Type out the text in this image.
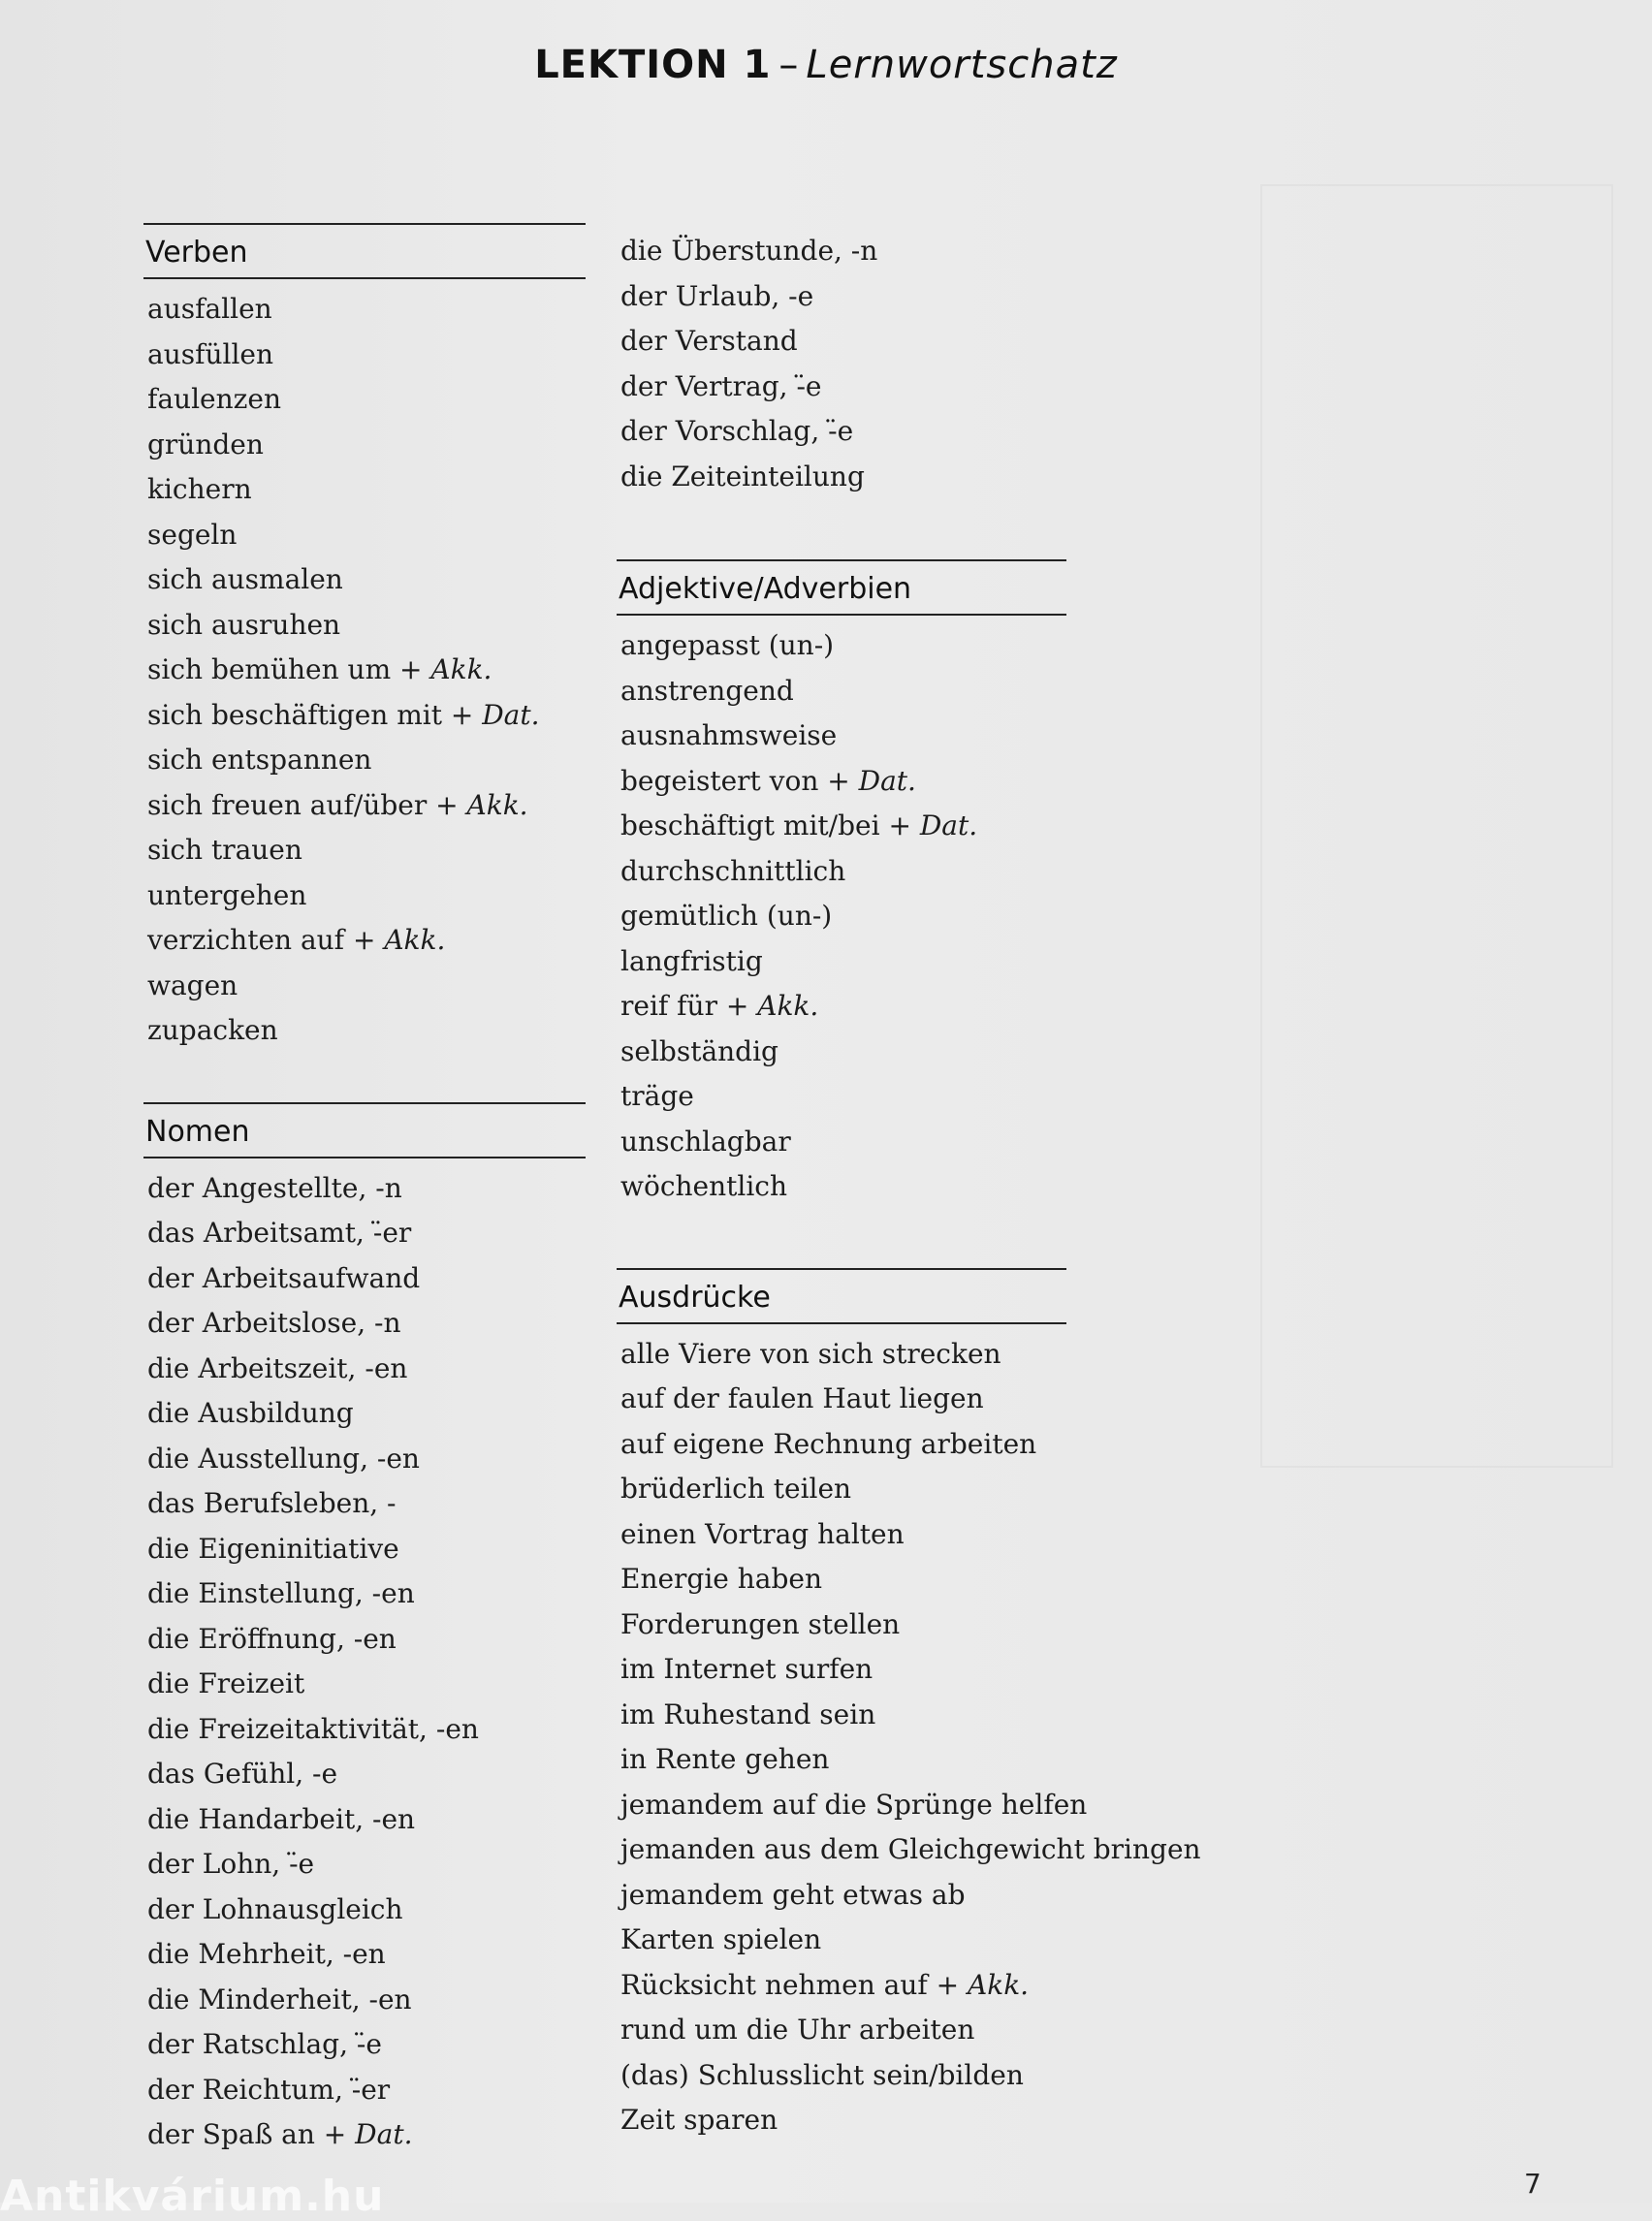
LEKTION 1 – Lernwortschatz
Verben
ausfallen
ausfüllen
faulenzen
gründen
kichern
segeln
sich ausmalen
sich ausruhen
sich bemühen um + Akk.
sich beschäftigen mit + Dat.
sich entspannen
sich freuen auf/über + Akk.
sich trauen
untergehen
verzichten auf + Akk.
wagen
zupacken
Nomen
der Angestellte, -n
das Arbeitsamt, -̈er
der Arbeitsaufwand
der Arbeitslose, -n
die Arbeitszeit, -en
die Ausbildung
die Ausstellung, -en
das Berufsleben, -
die Eigeninitiative
die Einstellung, -en
die Eröffnung, -en
die Freizeit
die Freizeitaktivität, -en
das Gefühl, -e
die Handarbeit, -en
der Lohn, -̈e
der Lohnausgleich
die Mehrheit, -en
die Minderheit, -en
der Ratschlag, -̈e
der Reichtum, -̈er
der Spaß an + Dat.
die Überstunde, -n
der Urlaub, -e
der Verstand
der Vertrag, -̈e
der Vorschlag, -̈e
die Zeiteinteilung
Adjektive/Adverbien
angepasst (un-)
anstrengend
ausnahmsweise
begeistert von + Dat.
beschäftigt mit/bei + Dat.
durchschnittlich
gemütlich (un-)
langfristig
reif für + Akk.
selbständig
träge
unschlagbar
wöchentlich
Ausdrücke
alle Viere von sich strecken
auf der faulen Haut liegen
auf eigene Rechnung arbeiten
brüderlich teilen
einen Vortrag halten
Energie haben
Forderungen stellen
im Internet surfen
im Ruhestand sein
in Rente gehen
jemandem auf die Sprünge helfen
jemanden aus dem Gleichgewicht bringen
jemandem geht etwas ab
Karten spielen
Rücksicht nehmen auf + Akk.
rund um die Uhr arbeiten
(das) Schlusslicht sein/bilden
Zeit sparen
7
Antikvárium.hu
